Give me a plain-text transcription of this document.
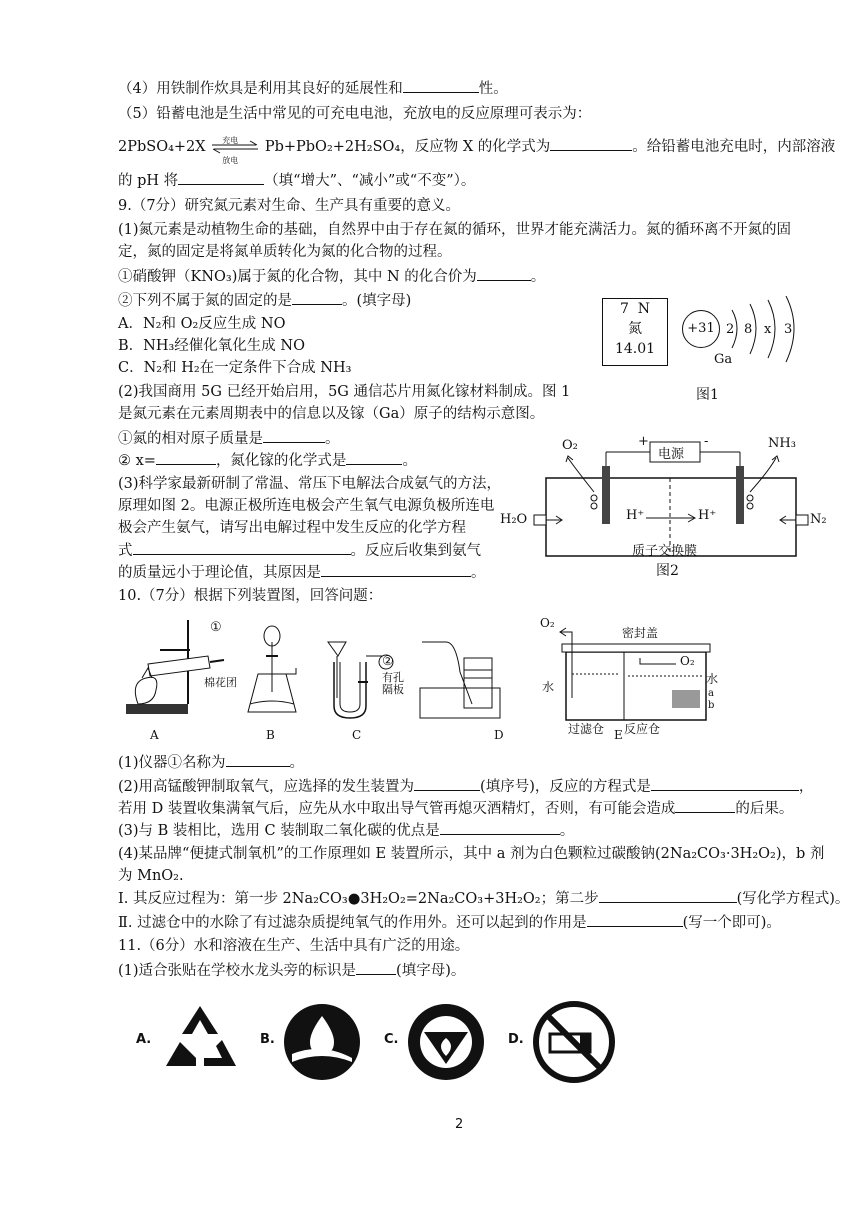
（4）用铁制作炊具是利用其良好的延展性和	性。
（5）铅蓄电池是生活中常见的可充电电池，充放电的反应原理可表示为：
2PbSO₄+2X 充电
放电
Pb+PbO₂+2H₂SO₄，反应物 X 的化学式为	。给铅蓄电池充电时，内部溶液
的 pH 将	（填“增大”、“减小”或“不变”）。
9.（7分）研究氮元素对生命、生产具有重要的意义。
(1)氮元素是动植物生命的基础，自然界中由于存在氮的循环，世界才能充满活力。氮的循环离不开氮的固
定，氮的固定是将氮单质转化为氮的化合物的过程。
①硝酸钾（KNO₃)属于氮的化合物，其中 N 的化合价为	。
②下列不属于氮的固定的是	。(填字母)
A．N₂和 O₂反应生成 NO
B．NH₃经催化氧化生成 NO
C．N₂和 H₂在一定条件下合成 NH₃
(2)我国商用 5G 已经开始启用，5G 通信芯片用氮化镓材料制成。图 1
是氮元素在元素周期表中的信息以及镓（Ga）原子的结构示意图。
①氮的相对原子质量是	。
② x=	，氮化镓的化学式是	。
(3)科学家最新研制了常温、常压下电解法合成氨气的方法，
原理如图 2。电源正极所连电极会产生氧气电源负极所连电
极会产生氨气，请写出电解过程中发生反应的化学方程
式	。反应后收集到氨气
的质量远小于理论值，其原因是	。
7 N
氮
14.01
+31 2 8 x 3
Ga
图1
O₂	NH₃
电源
+	-
H⁺	H⁺
H₂O	N₂
质子交换膜
图2
10.（7分）根据下列装置图，回答问题：
①
棉花团
②
有孔隔板
O₂
密封盖
O₂
水
水
a
b
过滤仓 反应仓
A	B	C	D	E
(1)仪器①名称为	。
(2)用高锰酸钾制取氧气，应选择的发生装置为	(填序号)，反应的方程式是	，
若用 D 装置收集满氧气后，应先从水中取出导气管再熄灭酒精灯，否则，有可能会造成	的后果。
(3)与 B 装相比，选用 C 装制取二氧化碳的优点是	。
(4)某品牌“便捷式制氧机”的工作原理如 E 装置所示，其中 a 剂为白色颗粒过碳酸钠(2Na₂CO₃·3H₂O₂)，b 剂
为 MnO₂.
Ⅰ. 其反应过程为：第一步 2Na₂CO₃●3H₂O₂=2Na₂CO₃+3H₂O₂；第二步	(写化学方程式)。
Ⅱ. 过滤仓中的水除了有过滤杂质提纯氧气的作用外。还可以起到的作用是	(写一个即可)。
11.（6分）水和溶液在生产、生活中具有广泛的用途。
(1)适合张贴在学校水龙头旁的标识是	(填字母)。
A.	B.	C.	D.
2
